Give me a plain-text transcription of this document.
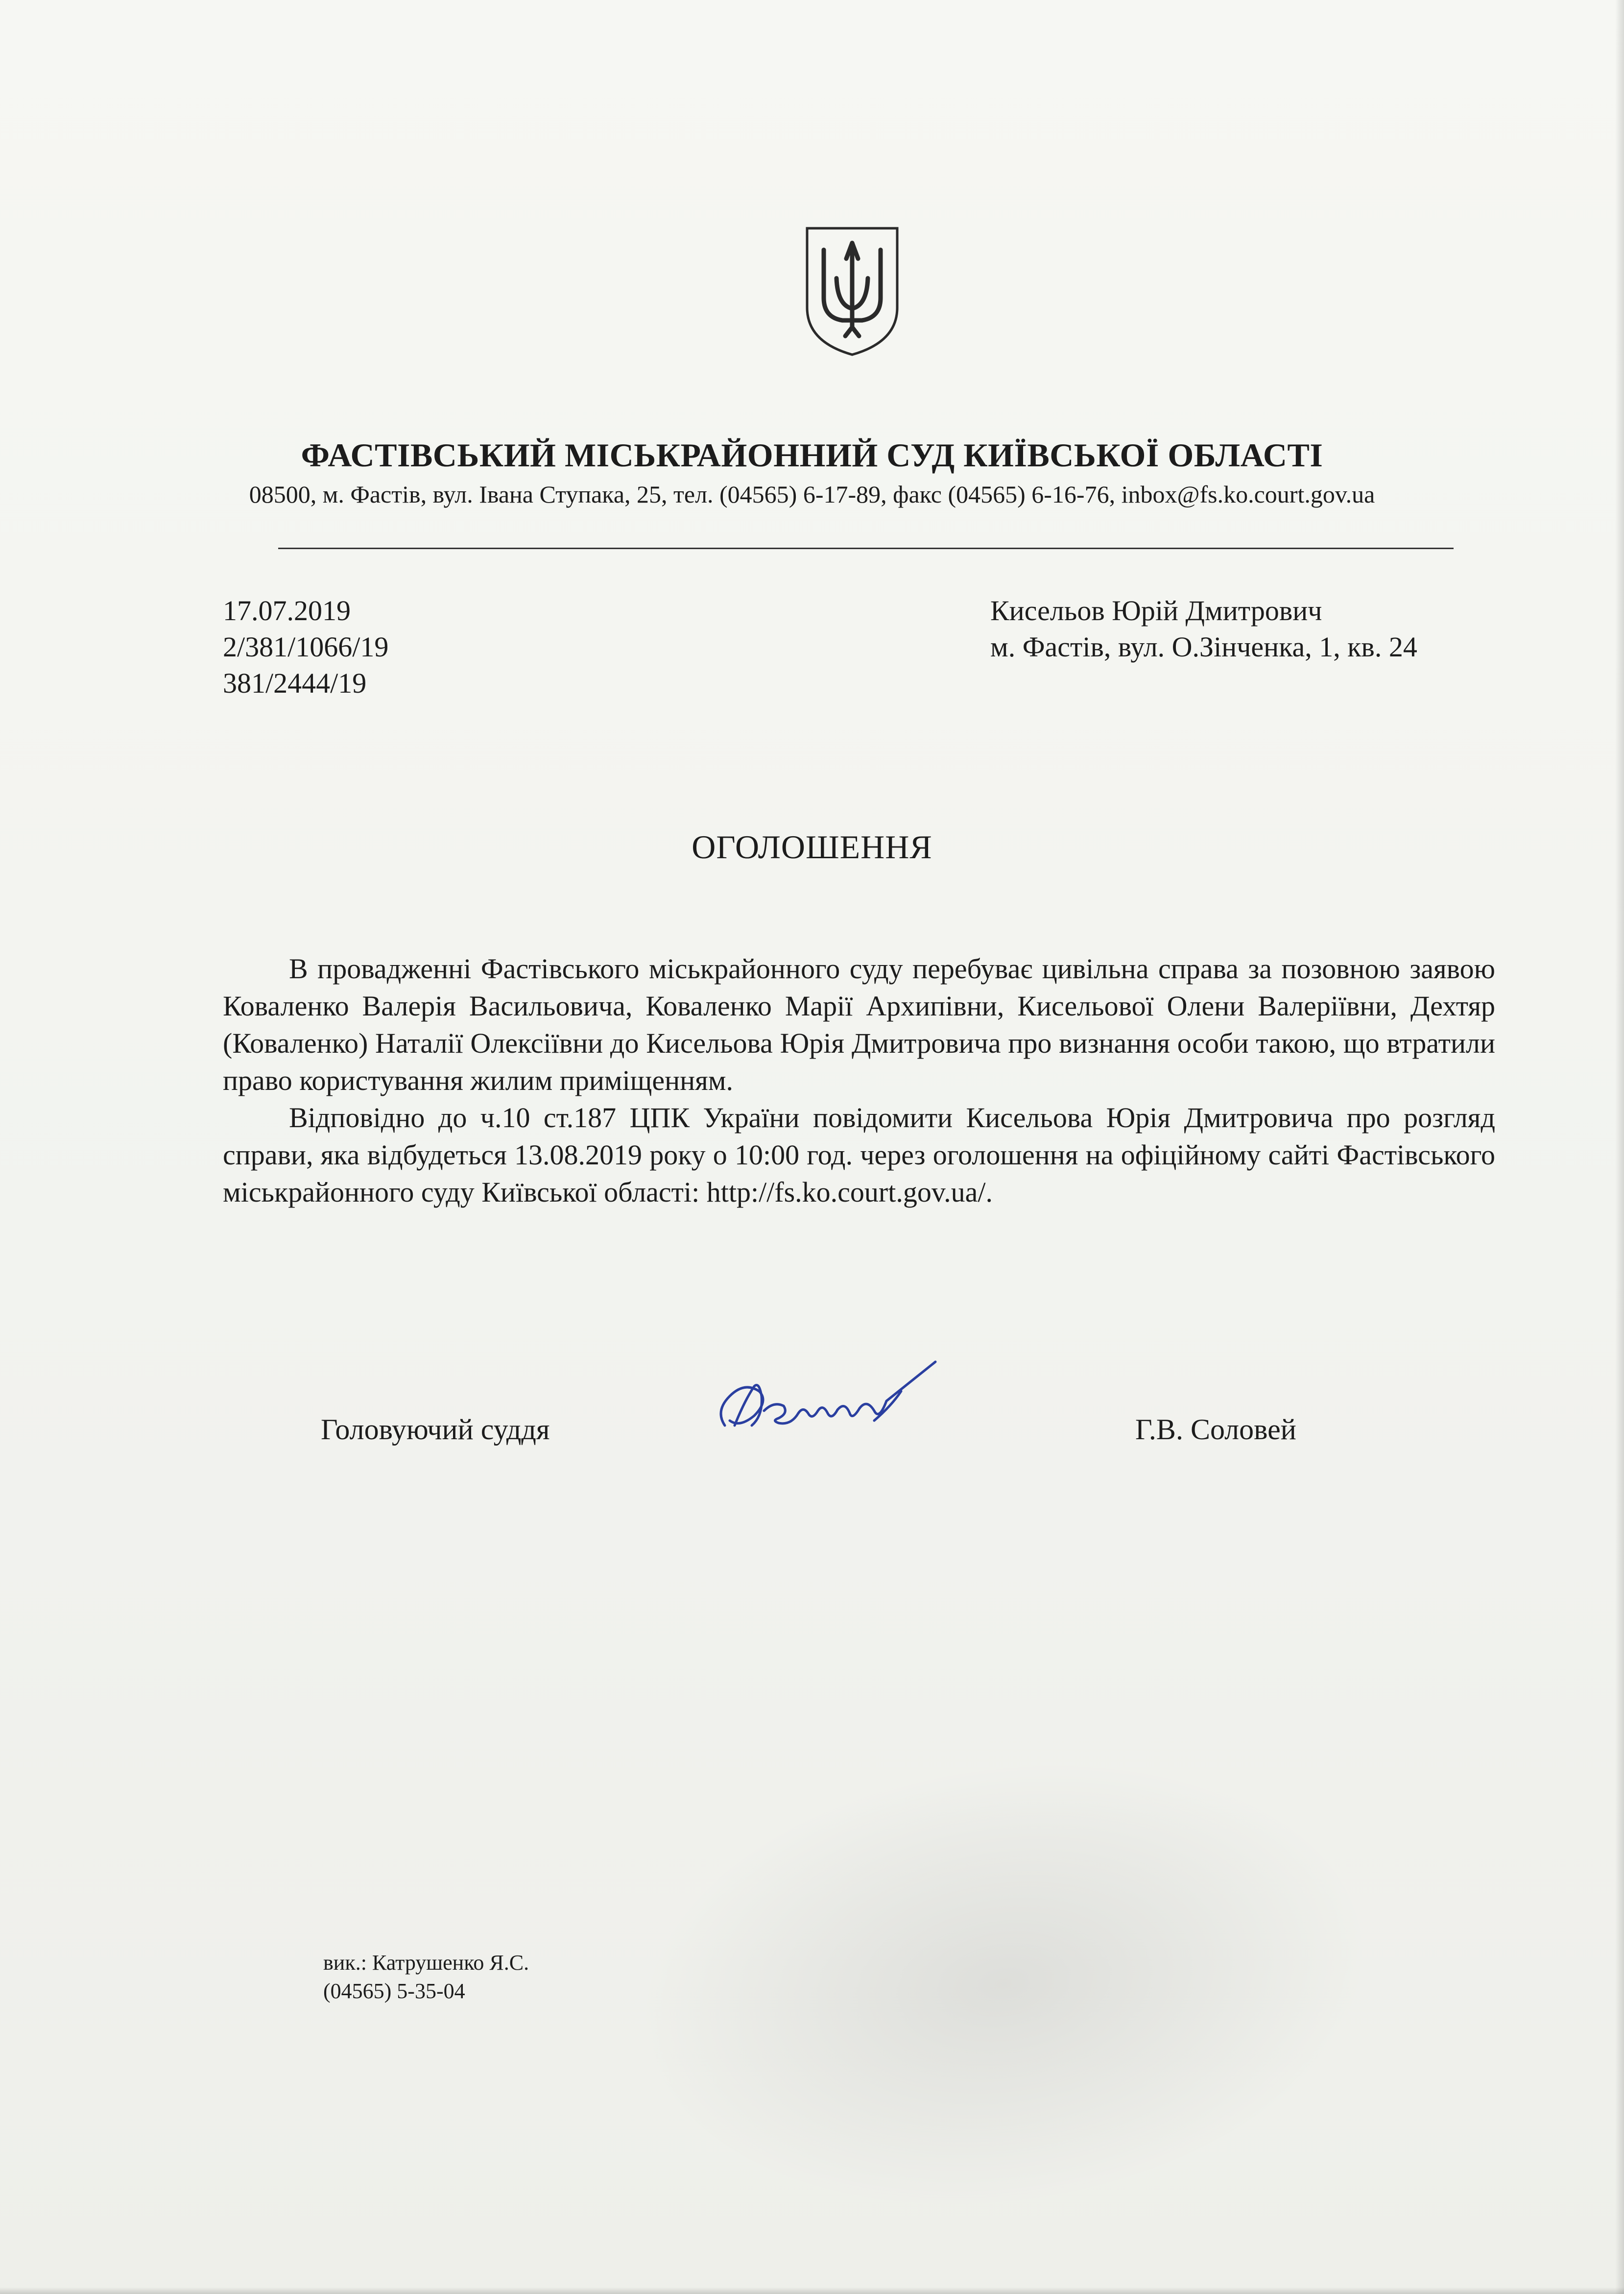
ФАСТІВСЬКИЙ МІСЬКРАЙОННИЙ СУД КИЇВСЬКОЇ ОБЛАСТІ
08500, м. Фастів, вул. Івана Ступака, 25, тел. (04565) 6-17-89, факс (04565) 6-16-76, inbox@fs.ko.court.gov.ua
17.07.2019
2/381/1066/19
381/2444/19
Кисельов Юрій Дмитрович
м. Фастів, вул. О.Зінченка, 1, кв. 24
ОГОЛОШЕННЯ

В провадженні Фастівського міськрайонного суду перебуває цивільна справа за позовною заявою Коваленко Валерія Васильовича, Коваленко Марії Архипівни, Кисельової Олени Валеріївни, Дехтяр (Коваленко) Наталії Олексіївни до Кисельова Юрія Дмитровича про визнання особи такою, що втратили право користування жилим приміщенням.

Відповідно до ч.10 ст.187 ЦПК України повідомити Кисельова Юрія Дмитровича про розгляд справи, яка відбудеться 13.08.2019 року о 10:00 год. через оголошення на офіційному сайті Фастівського міськрайонного суду Київської області: http://fs.ko.court.gov.ua/.

Головуючий суддя	Г.В. Соловей
вик.: Катрушенко Я.С.
(04565) 5-35-04
